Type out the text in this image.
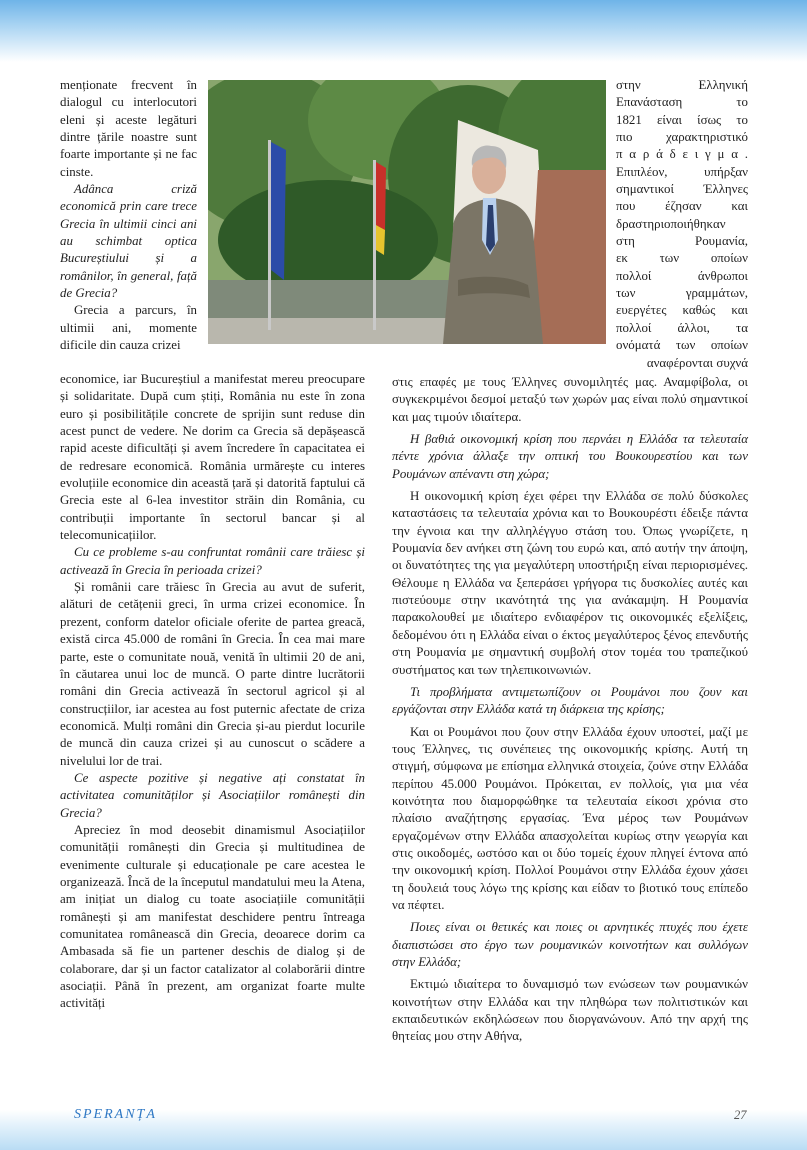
menționate frecvent în dialogul cu interlocutori eleni și aceste legături dintre țările noastre sunt foarte importante și ne fac cinste.

Adânca criză economică prin care trece Grecia în ultimii cinci ani au schimbat optica Bucureștiului și a românilor, în general, față de Grecia?

Grecia a parcurs, în ultimii ani, momente dificile din cauza crizei

economice, iar Bucureștiul a manifestat mereu preocupare și solidaritate. După cum știți, România nu este în zona euro și posibilitățile concrete de sprijin sunt reduse din acest punct de vedere. Ne dorim ca Grecia să depășească rapid aceste dificultăți și avem încredere în capacitatea ei de redresare economică. România urmărește cu interes evoluțiile economice din această țară și datorită faptului că Grecia este al 6-lea investitor străin din România, cu contribuții importante în sectorul bancar și al telecomunicațiilor.

Cu ce probleme s-au confruntat românii care trăiesc și activează în Grecia în perioada crizei?

Și românii care trăiesc în Grecia au avut de suferit, alături de cetățenii greci, în urma crizei economice. În prezent, conform datelor oficiale oferite de partea greacă, există circa 45.000 de români în Grecia. În cea mai mare parte, este o comunitate nouă, venită în ultimii 20 de ani, în căutarea unui loc de muncă. O parte dintre lucrătorii români din Grecia activează în sectorul agricol și al construcțiilor, iar acestea au fost puternic afectate de criza economică. Mulți români din Grecia și-au pierdut locurile de muncă din cauza crizei și au cunoscut o scădere a nivelului lor de trai.

Ce aspecte pozitive și negative ați constatat în activitatea comunităților și Asociațiilor românești din Grecia?

Apreciez în mod deosebit dinamismul Asociațiilor comunității românești din Grecia și multitudinea de evenimente culturale și educaționale pe care acestea le organizează. Încă de la începutul mandatului meu la Atena, am inițiat un dialog cu toate asociațiile comunității românești și am manifestat deschidere pentru întreaga comunitatea românească din Grecia, deoarece dorim ca Ambasada să fie un partener deschis de dialog și de colaborare, dar și un factor catalizator al colaborării dintre asociații. Până în prezent, am organizat foarte multe activități

στην Ελληνική

Επανάσταση το

1821 είναι ίσως το

πιο χαρακτηριστικό

π α ρ ά δ ε ι γ μ α .

Επιπλέον, υπήρξαν

σημαντικοί Έλληνες

που έζησαν και

δραστηριοποιήθηκαν

στη Ρουμανία,

εκ των οποίων

πολλοί άνθρωποι

των γραμμάτων,

ευεργέτες καθώς και

πολλοί άλλοι, τα

ονόματά των οποίων

αναφέρονται συχνά

στις επαφές με τους Έλληνες συνομιλητές μας. Αναμφίβολα, οι συγκεκριμένοι δεσμοί μεταξύ των χωρών μας είναι πολύ σημαντικοί και μας τιμούν ιδιαίτερα.

Η βαθιά οικονομική κρίση που περνάει η Ελλάδα τα τελευταία πέντε χρόνια άλλαξε την οπτική του Βουκουρεστίου και των Ρουμάνων απέναντι στη χώρα;

Η οικονομική κρίση έχει φέρει την Ελλάδα σε πολύ δύσκολες καταστάσεις τα τελευταία χρόνια και το Βουκουρέστι έδειξε πάντα την έγνοια και την αλληλέγγυο στάση του. Όπως γνωρίζετε, η Ρουμανία δεν ανήκει στη ζώνη του ευρώ και, από αυτήν την άποψη, οι δυνατότητες της για μεγαλύτερη υποστήριξη είναι περιορισμένες. Θέλουμε η Ελλάδα να ξεπεράσει γρήγορα τις δυσκολίες αυτές και πιστεύουμε στην ικανότητά της για ανάκαμψη. Η Ρουμανία παρακολουθεί με ιδιαίτερο ενδιαφέρον τις οικονομικές εξελίξεις, δεδομένου ότι η Ελλάδα είναι ο έκτος μεγαλύτερος ξένος επενδυτής στη Ρουμανία με σημαντική συμβολή στον τομέα του τραπεζικού συστήματος και των τηλεπικοινωνιών.

Τι προβλήματα αντιμετωπίζουν οι Ρουμάνοι που ζουν και εργάζονται στην Ελλάδα κατά τη διάρκεια της κρίσης;

Και οι Ρουμάνοι που ζουν στην Ελλάδα έχουν υποστεί, μαζί με τους Έλληνες, τις συνέπειες της οικονομικής κρίσης. Αυτή τη στιγμή, σύμφωνα με επίσημα ελληνικά στοιχεία, ζούνε στην Ελλάδα περίπου 45.000 Ρουμάνοι. Πρόκειται, εν πολλοίς, για μια νέα κοινότητα που διαμορφώθηκε τα τελευταία είκοσι χρόνια στο πλαίσιο αναζήτησης εργασίας. Ένα μέρος των Ρουμάνων εργαζομένων στην Ελλάδα απασχολείται κυρίως στην γεωργία και στις οικοδομές, ωστόσο και οι δύο τομείς έχουν πληγεί έντονα από την οικονομική κρίση. Πολλοί Ρουμάνοι στην Ελλάδα έχουν χάσει τη δουλειά τους λόγω της κρίσης και είδαν το βιοτικό τους επίπεδο να πέφτει.

Ποιες είναι οι θετικές και ποιες οι αρνητικές πτυχές που έχετε διαπιστώσει στο έργο των ρουμανικών κοινοτήτων και συλλόγων στην Ελλάδα;

Εκτιμώ ιδιαίτερα το δυναμισμό των ενώσεων των ρουμανικών κοινοτήτων στην Ελλάδα και την πληθώρα των πολιτιστικών και εκπαιδευτικών εκδηλώσεων που διοργανώνουν. Από την αρχή της θητείας μου στην Αθήνα,

SPERANȚA	27
